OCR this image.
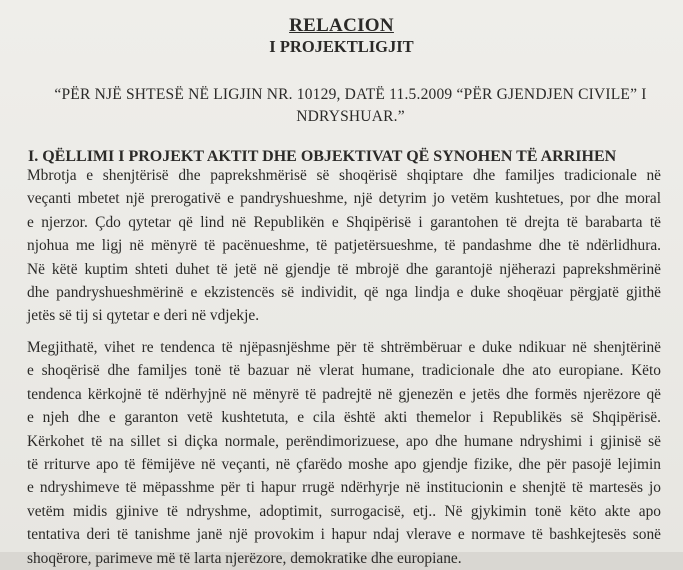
RELACION
I PROJEKTLIGJIT
“PËR NJË SHTESË NË LIGJIN NR. 10129, DATË 11.5.2009 “PËR GJENDJEN CIVILE” I NDRYSHUAR.”
I. QËLLIMI I PROJEKT AKTIT DHE OBJEKTIVAT QË SYNOHEN TË ARRIHEN
Mbrotja e shenjtërisë dhe paprekshmërisë së shoqërisë shqiptare dhe familjes tradicionale në
veçanti mbetet një prerogativë e pandryshueshme, një detyrim jo vetëm kushtetues, por dhe moral
e njerzor. Çdo qytetar që lind në Republikën e Shqipërisë i garantohen të drejta të barabarta të
njohua me ligj në mënyrë të pacënueshme, të patjetërsueshme, të pandashme dhe të ndërlidhura.
Në këtë kuptim shteti duhet të jetë në gjendje të mbrojë dhe garantojë njëherazi paprekshmërinë
dhe pandryshueshmërinë e ekzistencës së individit, që nga lindja e duke shoqëuar përgjatë gjithë
jetës së tij si qytetar e deri në vdjekje.
Megjithatë, vihet re tendenca të njëpasnjëshme për të shtrëmbëruar e duke ndikuar në shenjtërinë
e shoqërisë dhe familjes tonë të bazuar në vlerat humane, tradicionale dhe ato europiane. Këto
tendenca kërkojnë të ndërhyjnë në mënyrë të padrejtë në gjenezën e jetës dhe formës njerëzore që
e njeh dhe e garanton vetë kushtetuta, e cila është akti themelor i Republikës së Shqipërisë.
Kërkohet të na sillet si diçka normale, perëndimorizuese, apo dhe humane ndryshimi i gjinisë së
të rriturve apo të fëmijëve në veçanti, në çfarëdo moshe apo gjendje fizike, dhe për pasojë lejimin
e ndryshimeve të mëpasshme për ti hapur rrugë ndërhyrje në institucionin e shenjtë të martesës jo
vetëm midis gjinive të ndryshme, adoptimit, surrogacisë, etj.. Në gjykimin tonë këto akte apo
tentativa deri të tanishme janë një provokim i hapur ndaj vlerave e normave të bashkejtesës sonë
shoqërore, parimeve më të larta njerëzore, demokratike dhe europiane.
